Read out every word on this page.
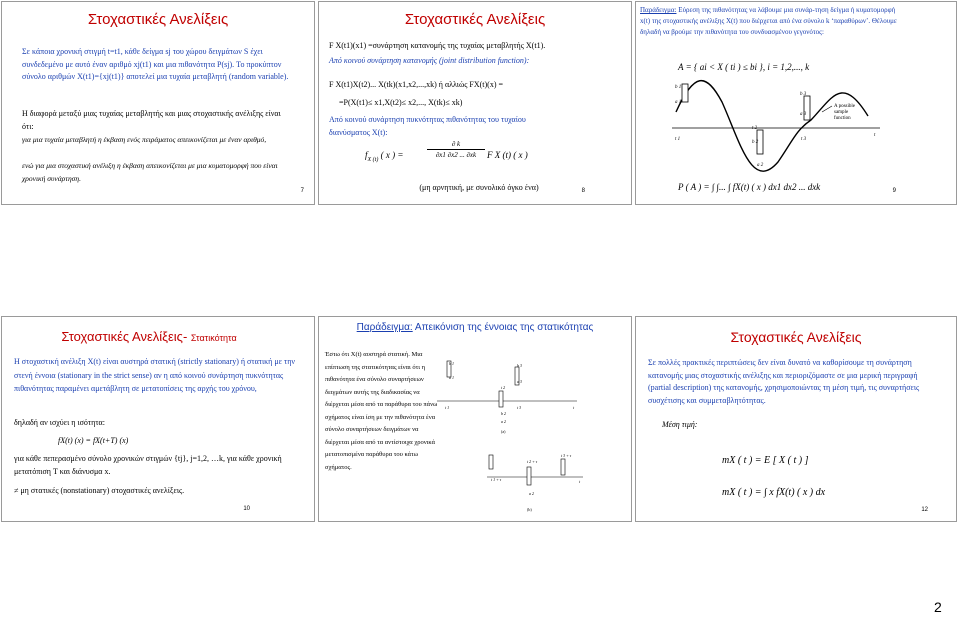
Στοχαστικές Ανελίξεις
Σε κάποια χρονική στιγμή t=t1, κάθε δείγμα sj του χώρου δειγμάτων S έχει συνδεδεμένο με αυτό έναν αριθμό xj(t1) και μια πιθανότητα P(sj). Το προκύπτον σύνολο αριθμών X(t1)={xj(t1)} αποτελεί μια τυχαία μεταβλητή (random variable).
Η διαφορά μεταξύ μιας τυχαίας μεταβλητής και μιας στοχαστικής ανέλιξης είναι ότι:
για μια τυχαία μεταβλητή η έκβαση ενός πειράματος απεικονίζεται με έναν αριθμό,
ενώ για μια στοχαστική ανέλιξη η έκβαση απεικονίζεται με μια κυματομορφή που είναι χρονική συνάρτηση.
7
Στοχαστικές Ανελίξεις
F X(t1)(x1) =συνάρτηση κατανομής της τυχαίας μεταβλητής X(t1).
Από κοινού συνάρτηση κατανομής (joint distribution function):
F X(t1)X(t2)... X(tk)(x1,x2,...,xk) ή αλλιώς FX(t)(x) =
=P(X(t1)≤ x1,X(t2)≤ x2,..., X(tk)≤ xk)
Από κοινού συνάρτηση πυκνότητας πιθανότητας του τυχαίου διανύσματος X(t):
$f_{X (t)}$ ( x ) =
∂ k
∂x1 ∂x2 ... ∂xk	F X (t) ( x )
(μη αρνητική, με συνολικό όγκο ένα)	8
Παράδειγμα: Εύρεση της πιθανότητας να λάβουμε μια συνάρ-τηση δείγμα ή κυματομορφή x(t) της στοχαστικής ανέλιξης X(t) που διέρχεται από ένα σύνολο k ‘παραθύρων’. Θέλουμε δηλαδή να βρούμε την πιθανότητα του συνδυασμένου γεγονότος:
A = { ai < X ( ti ) ≤ bi }, i = 1,2,..., k
b 1
a 1
t 1
t 2
b 2
a 2
b 3
a 3
t 3
t
A possible
sample
function
P ( A ) = ∫ ∫... ∫ fX(t) ( x ) dx1 dx2 ... dxk	9
Στοχαστικές Ανελίξεις- Στατικότητα
Η στοχαστική ανέλιξη X(t) είναι αυστηρά στατική (strictly stationary) ή στατική με την στενή έννοια (stationary in the strict sense) αν η από κοινού συνάρτηση πυκνότητας πιθανότητας παραμένει αμετάβλητη σε μετατοπίσεις της αρχής του χρόνου,
δηλαδή αν ισχύει η ισότητα:
fX(t) (x) = fX(t+T) (x)
για κάθε πεπερασμένο σύνολο χρονικών στιγμών {tj}, j=1,2, …k, για κάθε χρονική μετατόπιση T και διάνυσμα x.
≠ μη στατικές (nonstationary) στοχαστικές ανελίξεις.
10
Παράδειγμα: Απεικόνιση της έννοιας της στατικότητας
Έστω ότι X(t) αυστηρά στατική. Μια επίπτωση της στατικότητας είναι ότι η πιθανότητα ένα σύνολο συναρτήσεων δειγμάτων αυτής της διαδικασίας να διέρχεται μέσα από τα παράθυρα του πάνω σχήματος είναι ίση με την πιθανότητα ένα σύνολο συναρτήσεων δειγμάτων να διέρχεται μέσα από τα αντίστοιχα χρονικά μετατοπισμένα παράθυρα του κάτω σχήματος.
b 1
a 1
t 1
t 2
b 2
a 2
b 3
a 3
t 3	t
(a)
t 1 + τ
t 2 + τ
a 2
t 3 + τ
t
(b)
Στοχαστικές Ανελίξεις
Σε πολλές πρακτικές περιπτώσεις δεν είναι δυνατό να καθορίσουμε τη συνάρτηση κατανομής μιας στοχαστικής ανέλιξης και περιοριζόμαστε σε μια μερική περιγραφή (partial description) της κατανομής, χρησιμοποιώντας τη μέση τιμή, τις συναρτήσεις συσχέτισης και συμμεταβλητότητας.
Μέση τιμή:
mX ( t ) = E [ X ( t ) ]
mX ( t ) = ∫ x fX(t) ( x ) dx
12
2
